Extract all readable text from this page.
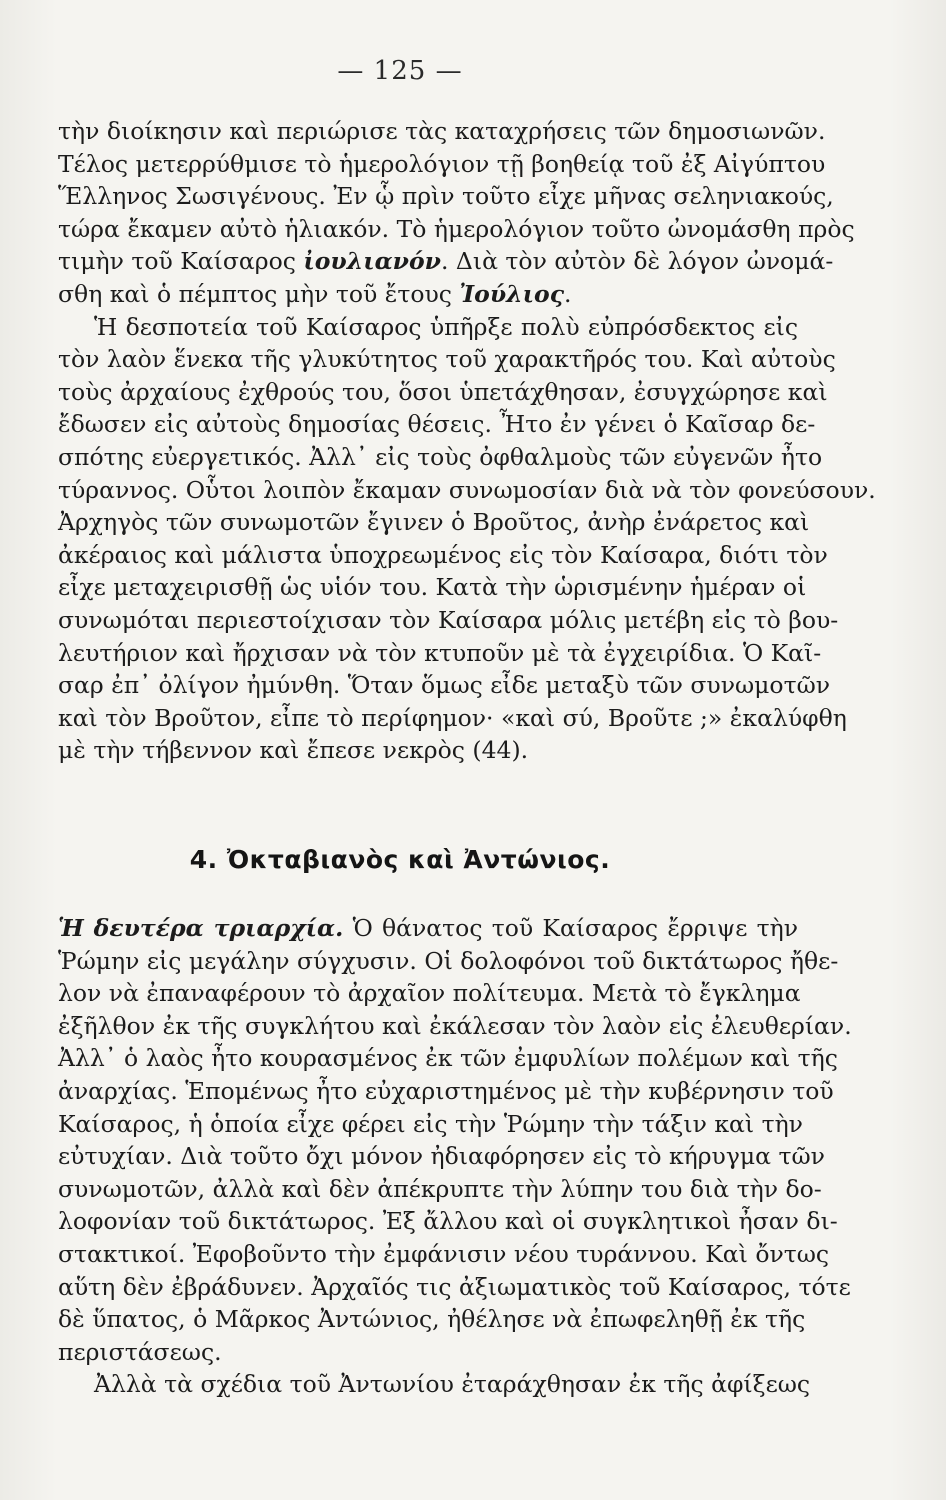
— 125 —
τὴν διοίκησιν καὶ περιώρισε τὰς καταχρήσεις τῶν δημοσιωνῶν.
Τέλος μετερρύθμισε τὸ ἡμερολόγιον τῇ βοηθείᾳ τοῦ ἐξ Αἰγύπτου
Ἕλληνος Σωσιγένους. Ἐν ᾧ πρὶν τοῦτο εἶχε μῆνας σεληνιακούς,
τώρα ἔκαμεν αὐτὸ ἡλιακόν. Τὸ ἡμερολόγιον τοῦτο ὠνομάσθη πρὸς
τιμὴν τοῦ Καίσαρος ἰουλιανόν. Διὰ τὸν αὐτὸν δὲ λόγον ὠνομά-
σθη καὶ ὁ πέμπτος μὴν τοῦ ἔτους Ἰούλιος.
Ἡ δεσποτεία τοῦ Καίσαρος ὑπῆρξε πολὺ εὐπρόσδεκτος εἰς
τὸν λαὸν ἕνεκα τῆς γλυκύτητος τοῦ χαρακτῆρός του. Καὶ αὐτοὺς
τοὺς ἀρχαίους ἐχθρούς του, ὅσοι ὑπετάχθησαν, ἐσυγχώρησε καὶ
ἔδωσεν εἰς αὐτοὺς δημοσίας θέσεις. Ἦτο ἐν γένει ὁ Καῖσαρ δε-
σπότης εὐεργετικός. Ἀλλ᾿ εἰς τοὺς ὀφθαλμοὺς τῶν εὐγενῶν ἦτο
τύραννος. Οὗτοι λοιπὸν ἔκαμαν συνωμοσίαν διὰ νὰ τὸν φονεύσουν.
Ἀρχηγὸς τῶν συνωμοτῶν ἔγινεν ὁ Βροῦτος, ἀνὴρ ἐνάρετος καὶ
ἀκέραιος καὶ μάλιστα ὑποχρεωμένος εἰς τὸν Καίσαρα, διότι τὸν
εἶχε μεταχειρισθῇ ὡς υἱόν του. Κατὰ τὴν ὡρισμένην ἡμέραν οἱ
συνωμόται περιεστοίχισαν τὸν Καίσαρα μόλις μετέβη εἰς τὸ βου-
λευτήριον καὶ ἤρχισαν νὰ τὸν κτυποῦν μὲ τὰ ἐγχειρίδια. Ὁ Καῖ-
σαρ ἐπ᾿ ὀλίγον ἠμύνθη. Ὅταν ὅμως εἶδε μεταξὺ τῶν συνωμοτῶν
καὶ τὸν Βροῦτον, εἶπε τὸ περίφημον· «καὶ σύ, Βροῦτε ;» ἐκαλύφθη
μὲ τὴν τήβεννον καὶ ἔπεσε νεκρὸς (44).
4. Ὀκταβιανὸς καὶ Ἀντώνιος.
Ἡ δευτέρα τριαρχία. Ὁ θάνατος τοῦ Καίσαρος ἔρριψε τὴν
Ῥώμην εἰς μεγάλην σύγχυσιν. Οἱ δολοφόνοι τοῦ δικτάτωρος ἤθε-
λον νὰ ἐπαναφέρουν τὸ ἀρχαῖον πολίτευμα. Μετὰ τὸ ἔγκλημα
ἐξῆλθον ἐκ τῆς συγκλήτου καὶ ἐκάλεσαν τὸν λαὸν εἰς ἐλευθερίαν.
Ἀλλ᾿ ὁ λαὸς ἦτο κουρασμένος ἐκ τῶν ἐμφυλίων πολέμων καὶ τῆς
ἀναρχίας. Ἑπομένως ἦτο εὐχαριστημένος μὲ τὴν κυβέρνησιν τοῦ
Καίσαρος, ἡ ὁποία εἶχε φέρει εἰς τὴν Ῥώμην τὴν τάξιν καὶ τὴν
εὐτυχίαν. Διὰ τοῦτο ὄχι μόνον ἠδιαφόρησεν εἰς τὸ κήρυγμα τῶν
συνωμοτῶν, ἀλλὰ καὶ δὲν ἀπέκρυπτε τὴν λύπην του διὰ τὴν δο-
λοφονίαν τοῦ δικτάτωρος. Ἐξ ἄλλου καὶ οἱ συγκλητικοὶ ἦσαν δι-
στακτικοί. Ἐφοβοῦντο τὴν ἐμφάνισιν νέου τυράννου. Καὶ ὄντως
αὕτη δὲν ἐβράδυνεν. Ἀρχαῖός τις ἀξιωματικὸς τοῦ Καίσαρος, τότε
δὲ ὕπατος, ὁ Μᾶρκος Ἀντώνιος, ἠθέλησε νὰ ἐπωφεληθῇ ἐκ τῆς
περιστάσεως.
Ἀλλὰ τὰ σχέδια τοῦ Ἀντωνίου ἐταράχθησαν ἐκ τῆς ἀφίξεως
